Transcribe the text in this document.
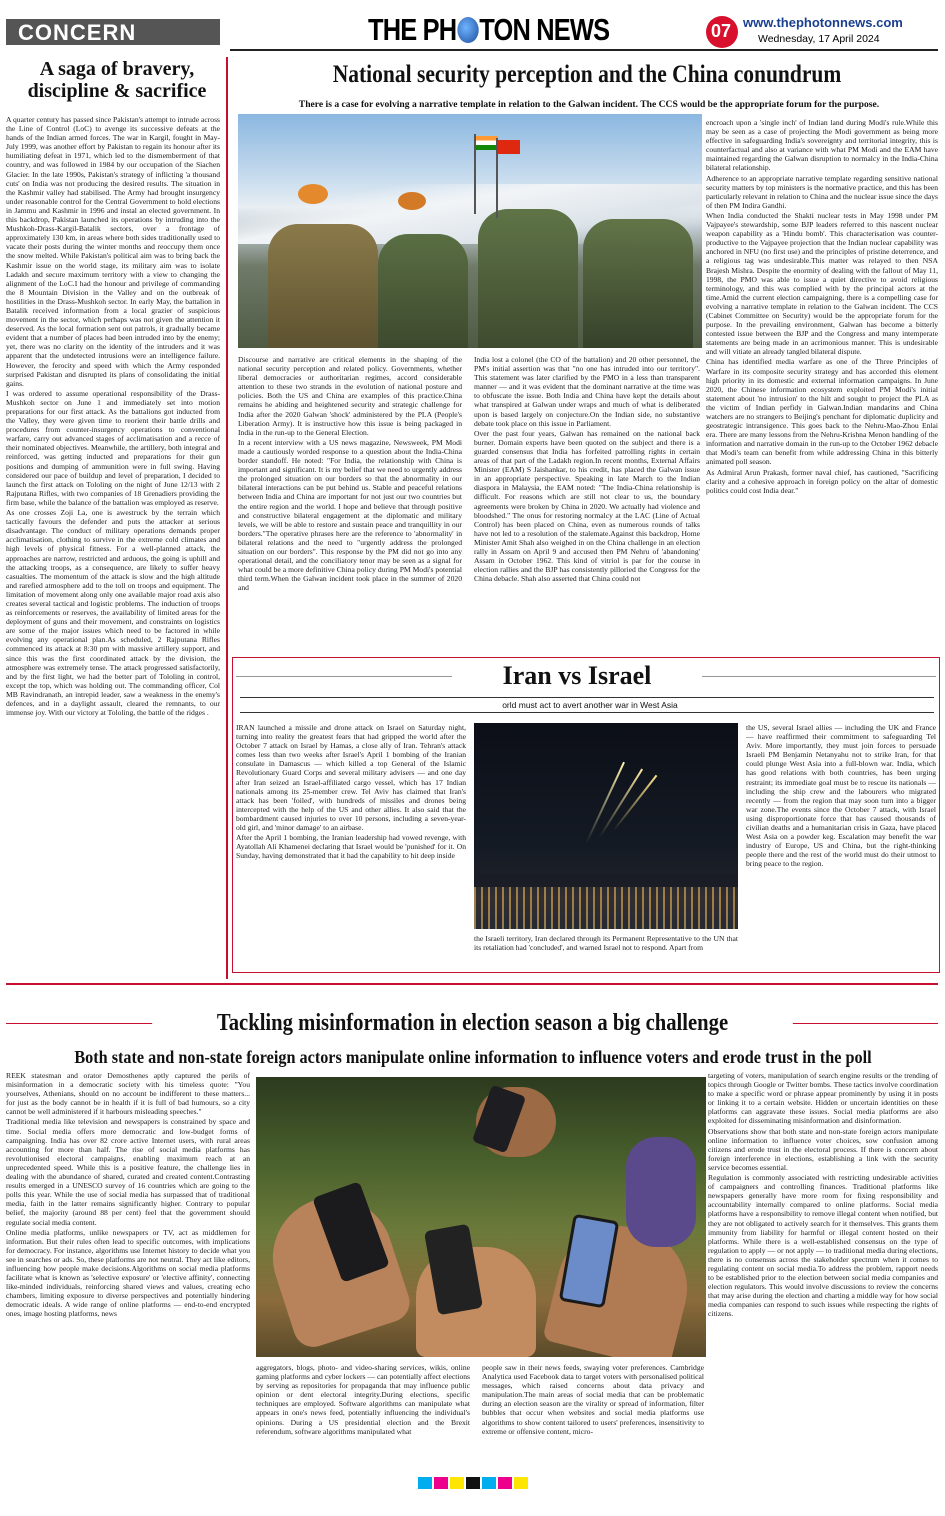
CONCERN	THE PH TON NEWS	07 www.thephotonnews.com
Wednesday, 17 April 2024
A saga of bravery, discipline & sacrifice

A quarter century has passed since Pakistan's attempt to intrude across the Line of Control (LoC) to avenge its successive defeats at the hands of the Indian armed forces. The war in Kargil, fought in May-July 1999, was another effort by Pakistan to regain its honour after its humiliating defeat in 1971, which led to the dismemberment of that country, and was followed in 1984 by our occupation of the Siachen Glacier. In the late 1990s, Pakistan's strategy of inflicting 'a thousand cuts' on India was not producing the desired results. The situation in the Kashmir valley had stabilised. The Army had brought insurgency under reasonable control for the Central Government to hold elections in Jammu and Kashmir in 1996 and instal an elected government. In this backdrop, Pakistan launched its operations by intruding into the Mushkoh-Drass-Kargil-Batalik sectors, over a frontage of approximately 130 km, in areas where both sides traditionally used to vacate their posts during the winter months and reoccupy them once the snow melted. While Pakistan's political aim was to bring back the Kashmir issue on the world stage, its military aim was to isolate Ladakh and secure maximum territory with a view to changing the alignment of the LoC.I had the honour and privilege of commanding the 8 Mountain Division in the Valley and on the outbreak of hostilities in the Drass-Mushkoh sector. In early May, the battalion in Batalik received information from a local grazier of suspicious movement in the sector, which perhaps was not given the attention it deserved. As the local formation sent out patrols, it gradually became evident that a number of places had been intruded into by the enemy; yet, there was no clarity on the identity of the intruders and it was apparent that the undetected intrusions were an intelligence failure. However, the ferocity and speed with which the Army responded surprised Pakistan and disrupted its plans of consolidating the initial gains.

I was ordered to assume operational responsibility of the Drass-Mushkoh sector on June 1 and immediately set into motion preparations for our first attack. As the battalions got inducted from the Valley, they were given time to reorient their battle drills and procedures from counter-insurgency operations to conventional warfare, carry out advanced stages of acclimatisation and a recce of their nominated objectives. Meanwhile, the artillery, both integral and reinforced, was getting inducted and preparations for their gun positions and dumping of ammunition were in full swing. Having considered our pace of buildup and level of preparation, I decided to launch the first attack on Tololing on the night of June 12/13 with 2 Rajputana Rifles, with two companies of 18 Grenadiers providing the firm base, while the balance of the battalion was employed as reserve.

As one crosses Zoji La, one is awestruck by the terrain which tactically favours the defender and puts the attacker at serious disadvantage. The conduct of military operations demands proper acclimatisation, clothing to survive in the extreme cold climates and high levels of physical fitness. For a well-planned attack, the approaches are narrow, restricted and arduous, the going is uphill and the attacking troops, as a consequence, are likely to suffer heavy casualties. The momentum of the attack is slow and the high altitude and rarefied atmosphere add to the toll on troops and equipment. The limitation of movement along only one available major road axis also creates several tactical and logistic problems. The induction of troops as reinforcements or reserves, the availability of limited areas for the deployment of guns and their movement, and constraints on logistics are some of the major issues which need to be factored in while evolving any operational plan.As scheduled, 2 Rajputana Rifles commenced its attack at 8:30 pm with massive artillery support, and since this was the first coordinated attack by the division, the atmosphere was extremely tense. The attack progressed satisfactorily, and by the first light, we had the better part of Tololing in control, except the top, which was holding out. The commanding officer, Col MB Ravindranath, an intrepid leader, saw a weakness in the enemy's defences, and in a daylight assault, cleared the remnants, to our immense joy. With our victory at Tololing, the battle of the ridges .

National security perception and the China conundrum
There is a case for evolving a narrative template in relation to the Galwan incident. The CCS would be the appropriate forum for the purpose.

Discourse and narrative are critical elements in the shaping of the national security perception and related policy. Governments, whether liberal democracies or authoritarian regimes, accord considerable attention to these two strands in the evolution of national posture and policies. Both the US and China are examples of this practice.China remains he abiding and heightened security and strategic challenge for India after the 2020 Galwan 'shock' administered by the PLA (People's Liberation Army). It is instructive how this issue is being packaged in India in the run-up to the General Election.

In a recent interview with a US news magazine, Newsweek, PM Modi made a cautiously worded response to a question about the India-China border standoff. He noted: "For India, the relationship with China is important and significant. It is my belief that we need to urgently address the prolonged situation on our borders so that the abnormality in our bilateral interactions can be put behind us. Stable and peaceful relations between India and China are important for not just our two countries but the entire region and the world. I hope and believe that through positive and constructive bilateral engagement at the diplomatic and military levels, we will be able to restore and sustain peace and tranquillity in our borders."The operative phrases here are the reference to 'abnormality' in bilateral relations and the need to "urgently address the prolonged situation on our borders". This response by the PM did not go into any operational detail, and the conciliatory tenor may be seen as a signal for what could be a more definitive China policy during PM Modi's potential third term.When the Galwan incident took place in the summer of 2020 and

India lost a colonel (the CO of the battalion) and 20 other personnel, the PM's initial assertion was that "no one has intruded into our territory". This statement was later clarified by the PMO in a less than transparent manner — and it was evident that the dominant narrative at the time was to obfuscate the issue. Both India and China have kept the details about what transpired at Galwan under wraps and much of what is deliberated upon is based largely on conjecture.On the Indian side, no substantive debate took place on this issue in Parliament.

Over the past four years, Galwan has remained on the national back burner. Domain experts have been quoted on the subject and there is a guarded consensus that India has forfeited patrolling rights in certain areas of that part of the Ladakh region.In recent months, External Affairs Minister (EAM) S Jaishankar, to his credit, has placed the Galwan issue in an appropriate perspective. Speaking in late March to the Indian diaspora in Malaysia, the EAM noted: "The India-China relationship is difficult. For reasons which are still not clear to us, the boundary agreements were broken by China in 2020. We actually had violence and bloodshed." The onus for restoring normalcy at the LAC (Line of Actual Control) has been placed on China, even as numerous rounds of talks have not led to a resolution of the stalemate.Against this backdrop, Home Minister Amit Shah also weighed in on the China challenge in an election rally in Assam on April 9 and accused then PM Nehru of 'abandoning' Assam in October 1962. This kind of vitriol is par for the course in election rallies and the BJP has consistently pilloried the Congress for the China debacle. Shah also asserted that China could not

encroach upon a 'single inch' of Indian land during Modi's rule.While this may be seen as a case of projecting the Modi government as being more effective in safeguarding India's sovereignty and territorial integrity, this is counterfactual and also at variance with what PM Modi and the EAM have maintained regarding the Galwan disruption to normalcy in the India-China bilateral relationship.

Adherence to an appropriate narrative template regarding sensitive national security matters by top ministers is the normative practice, and this has been particularly relevant in relation to China and the nuclear issue since the days of then PM Indira Gandhi.

When India conducted the Shakti nuclear tests in May 1998 under PM Vajpayee's stewardship, some BJP leaders referred to this nascent nuclear weapon capability as a 'Hindu bomb'. This characterisation was counter-productive to the Vajpayee projection that the Indian nuclear capability was anchored in NFU (no first use) and the principles of pristine deterrence, and a religious tag was undesirable.This matter was relayed to then NSA Brajesh Mishra. Despite the enormity of dealing with the fallout of May 11, 1998, the PMO was able to issue a quiet directive to avoid religious terminology, and this was complied with by the principal actors at the time.Amid the current election campaigning, there is a compelling case for evolving a narrative template in relation to the Galwan incident. The CCS (Cabinet Committee on Security) would be the appropriate forum for the purpose. In the prevailing environment, Galwan has become a bitterly contested issue between the BJP and the Congress and many intemperate statements are being made in an acrimonious manner. This is undesirable and will vitiate an already tangled bilateral dispute.

China has identified media warfare as one of the Three Principles of Warfare in its composite security strategy and has accorded this element high priority in its domestic and external information campaigns. In June 2020, the Chinese information ecosystem exploited PM Modi's initial statement about 'no intrusion' to the hilt and sought to project the PLA as the victim of Indian perfidy in Galwan.Indian mandarins and China watchers are no strangers to Beijing's penchant for diplomatic duplicity and geostrategic intransigence. This goes back to the Nehru-Mao-Zhou Enlai era. There are many lessons from the Nehru-Krishna Menon handling of the information and narrative domain in the run-up to the October 1962 debacle that Modi's team can benefit from while addressing China in this bitterly animated poll season.

As Admiral Arun Prakash, former naval chief, has cautioned, "Sacrificing clarity and a cohesive approach in foreign policy on the altar of domestic politics could cost India dear."

Iran vs Israel
orld must act to avert another war in West Asia

IRAN launched a missile and drone attack on Israel on Saturday night, turning into reality the greatest fears that had gripped the world after the October 7 attack on Israel by Hamas, a close ally of Iran. Tehran's attack comes less than two weeks after Israel's April 1 bombing of the Iranian consulate in Damascus — which killed a top General of the Islamic Revolutionary Guard Corps and several military advisers — and one day after Iran seized an Israel-affiliated cargo vessel, which has 17 Indian nationals among its 25-member crew. Tel Aviv has claimed that Iran's attack has been 'foiled', with hundreds of missiles and drones being intercepted with the help of the US and other allies. It also said that the bombardment caused injuries to over 10 persons, including a seven-year-old girl, and 'minor damage' to an airbase.

After the April 1 bombing, the Iranian leadership had vowed revenge, with Ayatollah Ali Khamenei declaring that Israel would be 'punished' for it. On Sunday, having demonstrated that it had the capability to hit deep inside

the Israeli territory, Iran declared through its Permanent Representative to the UN that its retaliation had 'concluded', and warned Israel not to respond. Apart from

the US, several Israel allies — including the UK and France — have reaffirmed their commitment to safeguarding Tel Aviv. More importantly, they must join forces to persuade Israeli PM Benjamin Netanyahu not to strike Iran, for that could plunge West Asia into a full-blown war. India, which has good relations with both countries, has been urging restraint; its immediate goal must be to rescue its nationals — including the ship crew and the labourers who migrated recently — from the region that may soon turn into a bigger war zone.The events since the October 7 attack, with Israel using disproportionate force that has caused thousands of civilian deaths and a humanitarian crisis in Gaza, have placed West Asia on a powder keg. Escalation may benefit the war industry of Europe, US and China, but the right-thinking people there and the rest of the world must do their utmost to bring peace to the region.

Tackling misinformation in election season a big challenge
Both state and non-state foreign actors manipulate online information to influence voters and erode trust in the poll

REEK statesman and orator Demosthenes aptly captured the perils of misinformation in a democratic society with his timeless quote: "You yourselves, Athenians, should on no account be indifferent to these matters... for just as the body cannot be in health if it is full of bad humours, so a city cannot be well administered if it harbours misleading speeches."

Traditional media like television and newspapers is constrained by space and time. Social media offers more democratic and low-budget forms of campaigning. India has over 82 crore active Internet users, with rural areas accounting for more than half. The rise of social media platforms has revolutionised electoral campaigns, enabling maximum reach at an unprecedented speed. While this is a positive feature, the challenge lies in dealing with the abundance of shared, curated and created content.Contrasting results emerged in a UNESCO survey of 16 countries which are going to the polls this year. While the use of social media has surpassed that of traditional media, faith in the latter remains significantly higher. Contrary to popular belief, the majority (around 88 per cent) feel that the government should regulate social media content.

Online media platforms, unlike newspapers or TV, act as middlemen for information. But their rules often lead to specific outcomes, with implications for democracy. For instance, algorithms use Internet history to decide what you see in searches or ads. So, these platforms are not neutral. They act like editors, influencing how people make decisions.Algorithms on social media platforms facilitate what is known as 'selective exposure' or 'elective affinity', connecting like-minded individuals, reinforcing shared views and values, creating echo chambers, limiting exposure to diverse perspectives and potentially hindering democratic ideals. A wide range of online platforms — end-to-end encrypted ones, image hosting platforms, news

aggregators, blogs, photo- and video-sharing services, wikis, online gaming platforms and cyber lockers — can potentially affect elections by serving as repositories for propaganda that may influence public opinion or dent electoral integrity.During elections, specific techniques are employed. Software algorithms can manipulate what appears in one's news feed, potentially influencing the individual's opinions. During a US presidential election and the Brexit referendum, software algorithms manipulated what

people saw in their news feeds, swaying voter preferences. Cambridge Analytica used Facebook data to target voters with personalised political messages, which raised concerns about data privacy and manipulation.The main areas of social media that can be problematic during an election season are the virality or spread of information, filter bubbles that occur when websites and social media platforms use algorithms to show content tailored to users' preferences, insensitivity to extreme or offensive content, micro-

targeting of voters, manipulation of search engine results or the trending of topics through Google or Twitter bombs. These tactics involve coordination to make a specific word or phrase appear prominently by using it in posts or linking it to a certain website. Hidden or uncertain identities on these platforms can aggravate these issues. Social media platforms are also exploited for disseminating misinformation and disinformation.

Observations show that both state and non-state foreign actors manipulate online information to influence voter choices, sow confusion among citizens and erode trust in the electoral process. If there is concern about foreign interference in elections, establishing a link with the security service becomes essential.

Regulation is commonly associated with restricting undesirable activities of campaigners and controlling finances. Traditional platforms like newspapers generally have more room for fixing responsibility and accountability internally compared to online platforms. Social media platforms have a responsibility to remove illegal content when notified, but they are not obligated to actively search for it themselves. This grants them immunity from liability for harmful or illegal content hosted on their platforms. While there is a well-established consensus on the type of regulation to apply — or not apply — to traditional media during elections, there is no consensus across the stakeholder spectrum when it comes to regulating content on social media.To address the problem, rapport needs to be established prior to the election between social media companies and election regulators. This would involve discussions to review the concerns that may arise during the election and charting a middle way for how social media companies can respond to such issues while respecting the rights of citizens.
